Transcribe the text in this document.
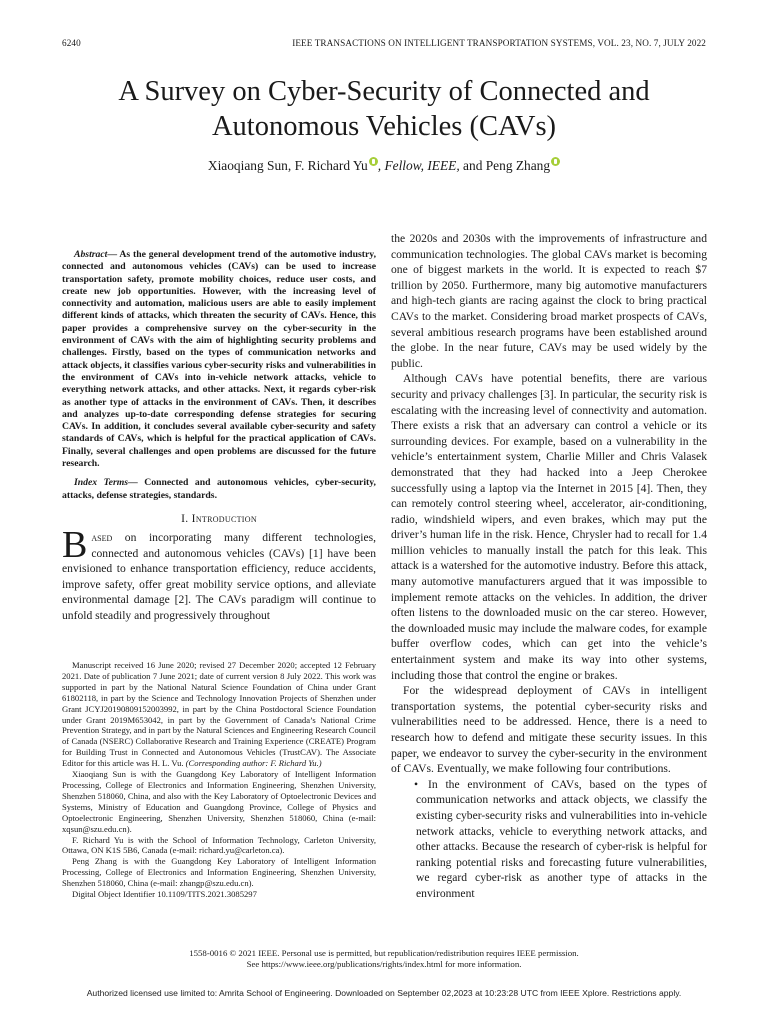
6240	IEEE TRANSACTIONS ON INTELLIGENT TRANSPORTATION SYSTEMS, VOL. 23, NO. 7, JULY 2022
A Survey on Cyber-Security of Connected and Autonomous Vehicles (CAVs)
Xiaoqiang Sun, F. Richard Yu , Fellow, IEEE, and Peng Zhang

Abstract— As the general development trend of the automotive industry, connected and autonomous vehicles (CAVs) can be used to increase transportation safety, promote mobility choices, reduce user costs, and create new job opportunities. However, with the increasing level of connectivity and automation, malicious users are able to easily implement different kinds of attacks, which threaten the security of CAVs. Hence, this paper provides a comprehensive survey on the cyber-security in the environment of CAVs with the aim of highlighting security problems and challenges. Firstly, based on the types of communication networks and attack objects, it classifies various cyber-security risks and vulnerabilities in the environment of CAVs into in-vehicle network attacks, vehicle to everything network attacks, and other attacks. Next, it regards cyber-risk as another type of attacks in the environment of CAVs. Then, it describes and analyzes up-to-date corresponding defense strategies for securing CAVs. In addition, it concludes several available cyber-security and safety standards of CAVs, which is helpful for the practical application of CAVs. Finally, several challenges and open problems are discussed for the future research.

Index Terms— Connected and autonomous vehicles, cyber-security, attacks, defense strategies, standards.

I. Introduction

Based on incorporating many different technologies, connected and autonomous vehicles (CAVs) [1] have been envisioned to enhance transportation efficiency, reduce accidents, improve safety, offer great mobility service options, and alleviate environmental damage [2]. The CAVs paradigm will continue to unfold steadily and progressively throughout

Manuscript received 16 June 2020; revised 27 December 2020; accepted 12 February 2021. Date of publication 7 June 2021; date of current version 8 July 2022. This work was supported in part by the National Natural Science Foundation of China under Grant 61802118, in part by the Science and Technology Innovation Projects of Shenzhen under Grant JCYJ20190809152003992, in part by the China Postdoctoral Science Foundation under Grant 2019M653042, in part by the Government of Canada’s National Crime Prevention Strategy, and in part by the Natural Sciences and Engineering Research Council of Canada (NSERC) Collaborative Research and Training Experience (CREATE) Program for Building Trust in Connected and Autonomous Vehicles (TrustCAV). The Associate Editor for this article was H. L. Vu. (Corresponding author: F. Richard Yu.)

Xiaoqiang Sun is with the Guangdong Key Laboratory of Intelligent Information Processing, College of Electronics and Information Engineering, Shenzhen University, Shenzhen 518060, China, and also with the Key Laboratory of Optoelectronic Devices and Systems, Ministry of Education and Guangdong Province, College of Physics and Optoelectronic Engineering, Shenzhen University, Shenzhen 518060, China (e-mail: xqsun@szu.edu.cn).

F. Richard Yu is with the School of Information Technology, Carleton University, Ottawa, ON K1S 5B6, Canada (e-mail: richard.yu@carleton.ca).

Peng Zhang is with the Guangdong Key Laboratory of Intelligent Information Processing, College of Electronics and Information Engineering, Shenzhen University, Shenzhen 518060, China (e-mail: zhangp@szu.edu.cn).

Digital Object Identifier 10.1109/TITS.2021.3085297

the 2020s and 2030s with the improvements of infrastructure and communication technologies. The global CAVs market is becoming one of biggest markets in the world. It is expected to reach $7 trillion by 2050. Furthermore, many big automotive manufacturers and high-tech giants are racing against the clock to bring practical CAVs to the market. Considering broad market prospects of CAVs, several ambitious research programs have been established around the globe. In the near future, CAVs may be used widely by the public.

Although CAVs have potential benefits, there are various security and privacy challenges [3]. In particular, the security risk is escalating with the increasing level of connectivity and automation. There exists a risk that an adversary can control a vehicle or its surrounding devices. For example, based on a vulnerability in the vehicle’s entertainment system, Charlie Miller and Chris Valasek demonstrated that they had hacked into a Jeep Cherokee successfully using a laptop via the Internet in 2015 [4]. Then, they can remotely control steering wheel, accelerator, air-conditioning, radio, windshield wipers, and even brakes, which may put the driver’s human life in the risk. Hence, Chrysler had to recall for 1.4 million vehicles to manually install the patch for this leak. This attack is a watershed for the automotive industry. Before this attack, many automotive manufacturers argued that it was impossible to implement remote attacks on the vehicles. In addition, the driver often listens to the downloaded music on the car stereo. However, the downloaded music may include the malware codes, for example buffer overflow codes, which can get into the vehicle’s entertainment system and make its way into other systems, including those that control the engine or brakes.

For the widespread deployment of CAVs in intelligent transportation systems, the potential cyber-security risks and vulnerabilities need to be addressed. Hence, there is a need to research how to defend and mitigate these security issues. In this paper, we endeavor to survey the cyber-security in the environment of CAVs. Eventually, we make following four contributions.

• In the environment of CAVs, based on the types of communication networks and attack objects, we classify the existing cyber-security risks and vulnerabilities into in-vehicle network attacks, vehicle to everything network attacks, and other attacks. Because the research of cyber-risk is helpful for ranking potential risks and forecasting future vulnerabilities, we regard cyber-risk as another type of attacks in the environment

1558-0016 © 2021 IEEE. Personal use is permitted, but republication/redistribution requires IEEE permission.

See https://www.ieee.org/publications/rights/index.html for more information.

Authorized licensed use limited to: Amrita School of Engineering. Downloaded on September 02,2023 at 10:23:28 UTC from IEEE Xplore. Restrictions apply.
